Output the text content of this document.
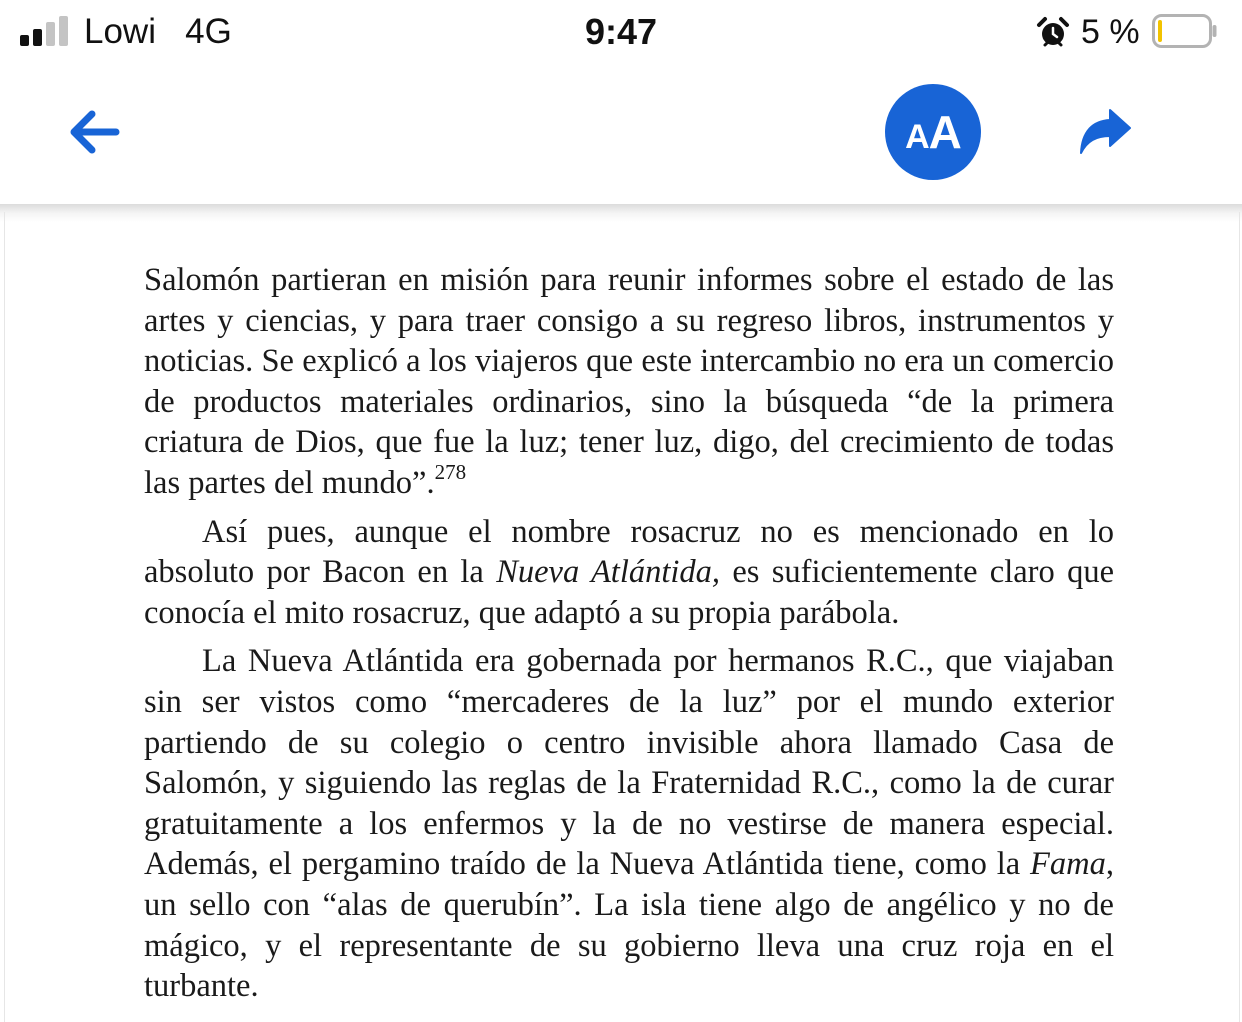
Lowi 4G	9:47	5 %
AA

Salomón partieran en misión para reunir informes sobre el estado de las artes y ciencias, y para traer consigo a su regreso libros, instrumentos y noticias. Se explicó a los viajeros que este intercambio no era un comercio de productos materiales ordinarios, sino la búsqueda “de la primera criatura de Dios, que fue la luz; tener luz, digo, del crecimiento de todas las partes del mundo”.$^{278}$

Así pues, aunque el nombre rosacruz no es mencionado en lo absoluto por Bacon en la Nueva Atlántida, es suficientemente claro que conocía el mito rosacruz, que adaptó a su propia parábola.

La Nueva Atlántida era gobernada por hermanos R.C., que viajaban sin ser vistos como “mercaderes de la luz” por el mundo exterior partiendo de su colegio o centro invisible ahora llamado Casa de Salomón, y siguiendo las reglas de la Fraternidad R.C., como la de curar gratuitamente a los enfermos y la de no vestirse de manera especial. Además, el pergamino traído de la Nueva Atlántida tiene, como la Fama, un sello con “alas de querubín”. La isla tiene algo de angélico y no de mágico, y el representante de su gobierno lleva una cruz roja en el turbante.
